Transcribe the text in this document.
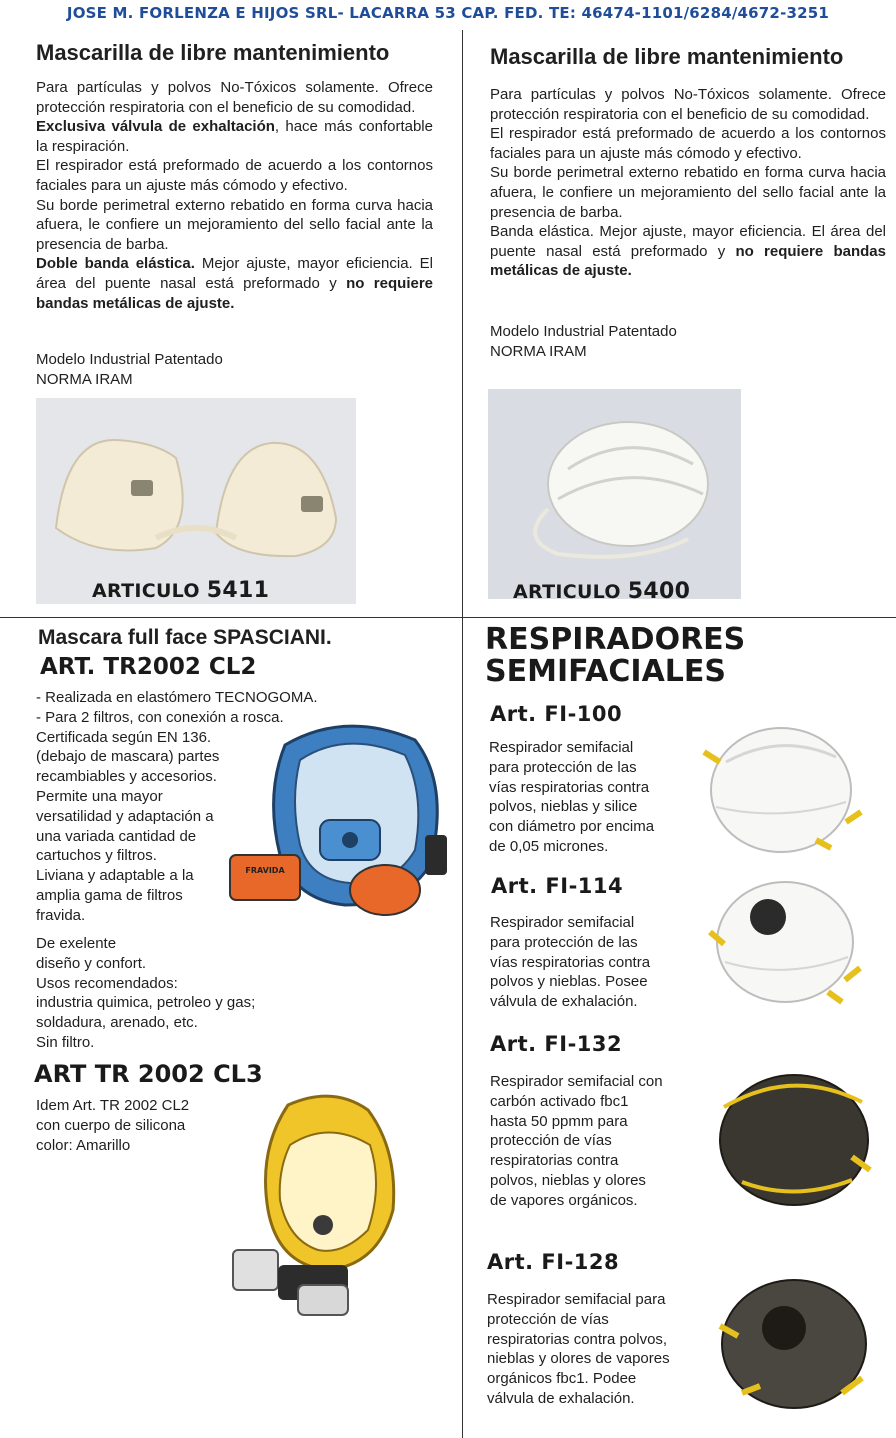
JOSE M. FORLENZA E HIJOS SRL- LACARRA 53 CAP. FED. TE: 46474-1101/6284/4672-3251
Mascarilla de libre mantenimiento

Para partículas y polvos No-Tóxicos solamente. Ofrece protección respiratoria con el beneficio de su comodidad.

Exclusiva válvula de exhaltación, hace más confortable la respiración.

El respirador está preformado de acuerdo a los contornos faciales para un ajuste más cómodo y efectivo.

Su borde perimetral externo rebatido en forma curva hacia afuera, le confiere un mejoramiento del sello facial ante la presencia de barba.

Doble banda elástica. Mejor ajuste, mayor eficiencia. El área del puente nasal está preformado y no requiere bandas metálicas de ajuste.

Modelo Industrial Patentado

NORMA IRAM

ARTICULO 5411
Mascarilla de libre mantenimiento

Para partículas y polvos No-Tóxicos solamente. Ofrece protección respiratoria con el beneficio de su comodidad.

El respirador está preformado de acuerdo a los contornos faciales para un ajuste más cómodo y efectivo.

Su borde perimetral externo rebatido en forma curva hacia afuera, le confiere un mejoramiento del sello facial ante la presencia de barba.

Banda elástica. Mejor ajuste, mayor eficiencia. El área del puente nasal está preformado y no requiere bandas metálicas de ajuste.

Modelo Industrial Patentado

NORMA IRAM

ARTICULO 5400
Mascara full face SPASCIANI.
ART. TR2002 CL2

- Realizada en elastómero TECNOGOMA.

- Para 2 filtros, con conexión a rosca.

Certificada según EN 136.

(debajo de mascara) partes

recambiables y accesorios.

Permite una mayor

versatilidad y adaptación a

una variada cantidad de

cartuchos y filtros.

Liviana y adaptable a la

amplia gama de filtros

fravida.

De exelente

diseño y confort.

Usos recomendados:

industria quimica, petroleo y gas;

soldadura, arenado, etc.

Sin filtro.

FRAVIDA
ART TR 2002 CL3

Idem Art. TR 2002 CL2

con cuerpo de silicona

color: Amarillo

RESPIRADORES
SEMIFACIALES
Art. FI-100

Respirador semifacial

para protección de las

vías respiratorias contra

polvos, nieblas y silice

con diámetro por encima

de 0,05 micrones.

Art. FI-114

Respirador semifacial

para protección de las

vías respiratorias contra

polvos y nieblas. Posee

válvula de exhalación.

Art. FI-132

Respirador semifacial con

carbón activado fbc1

hasta 50 ppmm para

protección de vías

respiratorias contra

polvos, nieblas y olores

de vapores orgánicos.

Art. FI-128

Respirador semifacial para

protección de vías

respiratorias contra polvos,

nieblas y olores de vapores

orgánicos fbc1. Podee

válvula de exhalación.
